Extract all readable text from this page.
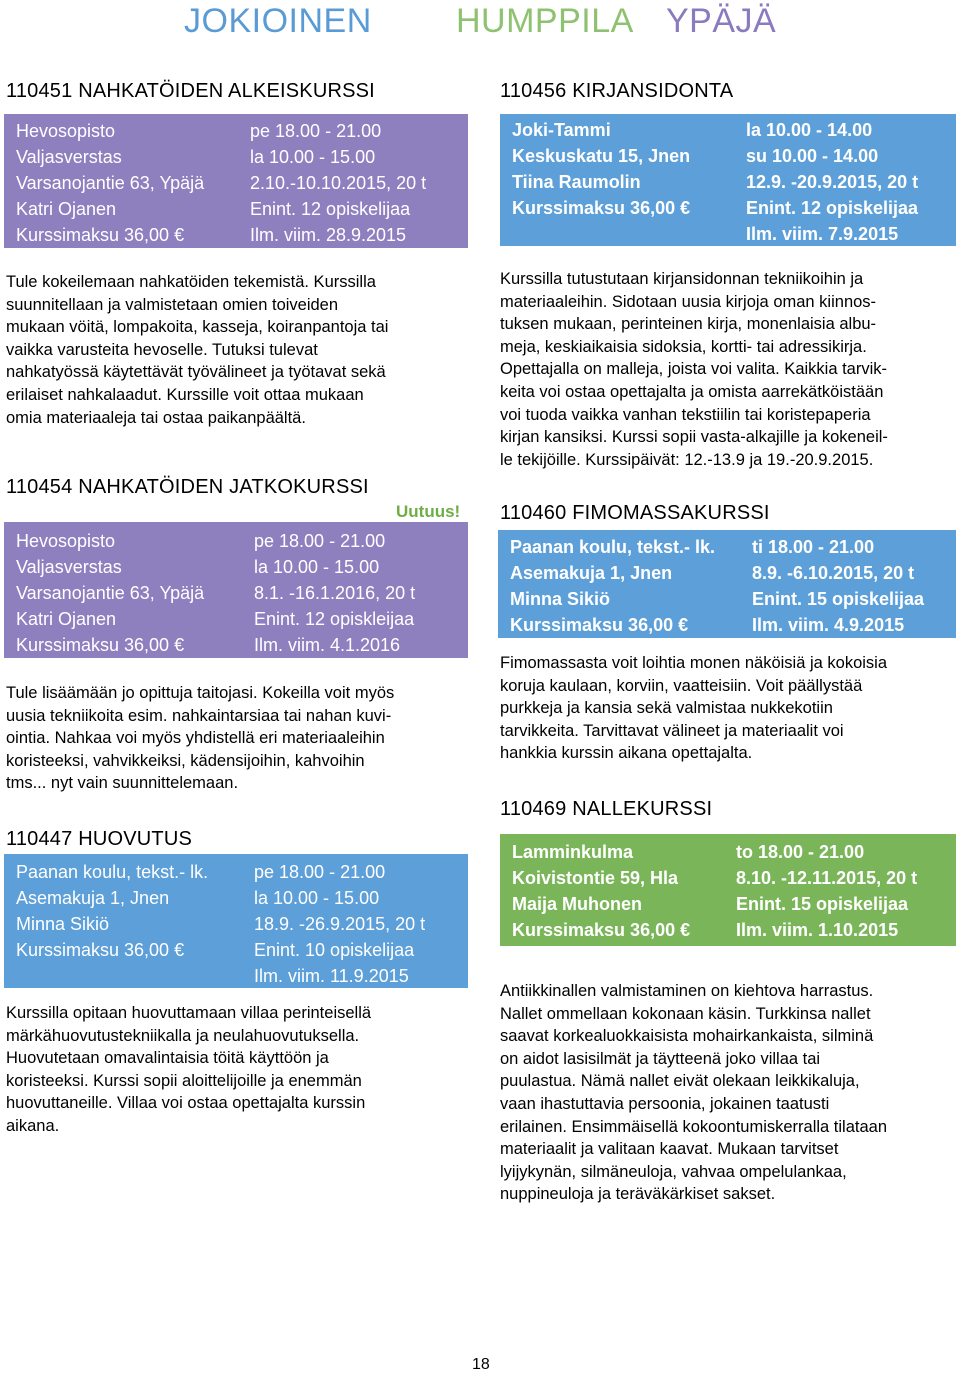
JOKIOINEN HUMPPILA YPÄJÄ
110451 NAHKATÖIDEN ALKEISKURSSI
Hevosopisto
Valjasverstas
Varsanojantie 63, Ypäjä
Katri Ojanen
Kurssimaksu 36,00 €
pe 18.00 - 21.00
la 10.00 - 15.00
2.10.-10.10.2015, 20 t
Enint. 12 opiskelijaa
Ilm. viim. 28.9.2015

Tule kokeilemaan nahkatöiden tekemistä. Kurssilla

suunnitellaan ja valmistetaan omien toiveiden

mukaan vöitä, lompakoita, kasseja, koiranpantoja tai

vaikka varusteita hevoselle. Tutuksi tulevat

nahkatyössä käytettävät työvälineet ja työtavat sekä

erilaiset nahkalaadut. Kurssille voit ottaa mukaan

omia materiaaleja tai ostaa paikanpäältä.

110454 NAHKATÖIDEN JATKOKURSSI
Uutuus!
Hevosopisto
Valjasverstas
Varsanojantie 63, Ypäjä
Katri Ojanen
Kurssimaksu 36,00 €
pe 18.00 - 21.00
la 10.00 - 15.00
8.1. -16.1.2016, 20 t
Enint. 12 opiskleijaa
Ilm. viim. 4.1.2016

Tule lisäämään jo opittuja taitojasi. Kokeilla voit myös

uusia tekniikoita esim. nahkaintarsiaa tai nahan kuvi-

ointia. Nahkaa voi myös yhdistellä eri materiaaleihin

koristeeksi, vahvikkeiksi, kädensijoihin, kahvoihin

tms... nyt vain suunnittelemaan.

110447 HUOVUTUS
Paanan koulu, tekst.- lk.
Asemakuja 1, Jnen
Minna Sikiö
Kurssimaksu 36,00 €
pe 18.00 - 21.00
la 10.00 - 15.00
18.9. -26.9.2015, 20 t
Enint. 10 opiskelijaa
Ilm. viim. 11.9.2015

Kurssilla opitaan huovuttamaan villaa perinteisellä

märkähuovutustekniikalla ja neulahuovutuksella.

Huovutetaan omavalintaisia töitä käyttöön ja

koristeeksi. Kurssi sopii aloittelijoille ja enemmän

huovuttaneille. Villaa voi ostaa opettajalta kurssin

aikana.

110456 KIRJANSIDONTA
Joki-Tammi
Keskuskatu 15, Jnen
Tiina Raumolin
Kurssimaksu 36,00 €
la 10.00 - 14.00
su 10.00 - 14.00
12.9. -20.9.2015, 20 t
Enint. 12 opiskelijaa
Ilm. viim. 7.9.2015

Kurssilla tutustutaan kirjansidonnan tekniikoihin ja

materiaaleihin. Sidotaan uusia kirjoja oman kiinnos-

tuksen mukaan, perinteinen kirja, monenlaisia albu-

meja, keskiaikaisia sidoksia, kortti- tai adressikirja.

Opettajalla on malleja, joista voi valita. Kaikkia tarvik-

keita voi ostaa opettajalta ja omista aarrekätköistään

voi tuoda vaikka vanhan tekstiilin tai koristepaperia

kirjan kansiksi. Kurssi sopii vasta-alkajille ja kokeneil-

le tekijöille. Kurssipäivät: 12.-13.9 ja 19.-20.9.2015.

110460 FIMOMASSAKURSSI
Paanan koulu, tekst.- lk.
Asemakuja 1, Jnen
Minna Sikiö
Kurssimaksu 36,00 €
ti 18.00 - 21.00
8.9. -6.10.2015, 20 t
Enint. 15 opiskelijaa
Ilm. viim. 4.9.2015

Fimomassasta voit loihtia monen näköisiä ja kokoisia

koruja kaulaan, korviin, vaatteisiin. Voit päällystää

purkkeja ja kansia sekä valmistaa nukkekotiin

tarvikkeita. Tarvittavat välineet ja materiaalit voi

hankkia kurssin aikana opettajalta.

110469 NALLEKURSSI
Lamminkulma
Koivistontie 59, Hla
Maija Muhonen
Kurssimaksu 36,00 €
to 18.00 - 21.00
8.10. -12.11.2015, 20 t
Enint. 15 opiskelijaa
Ilm. viim. 1.10.2015

Antiikkinallen valmistaminen on kiehtova harrastus.

Nallet ommellaan kokonaan käsin. Turkkinsa nallet

saavat korkealuokkaisista mohairkankaista, silminä

on aidot lasisilmät ja täytteenä joko villaa tai

puulastua. Nämä nallet eivät olekaan leikkikaluja,

vaan ihastuttavia persoonia, jokainen taatusti

erilainen. Ensimmäisellä kokoontumiskerralla tilataan

materiaalit ja valitaan kaavat. Mukaan tarvitset

lyijykynän, silmäneuloja, vahvaa ompelulankaa,

nuppineuloja ja teräväkärkiset sakset.

18
